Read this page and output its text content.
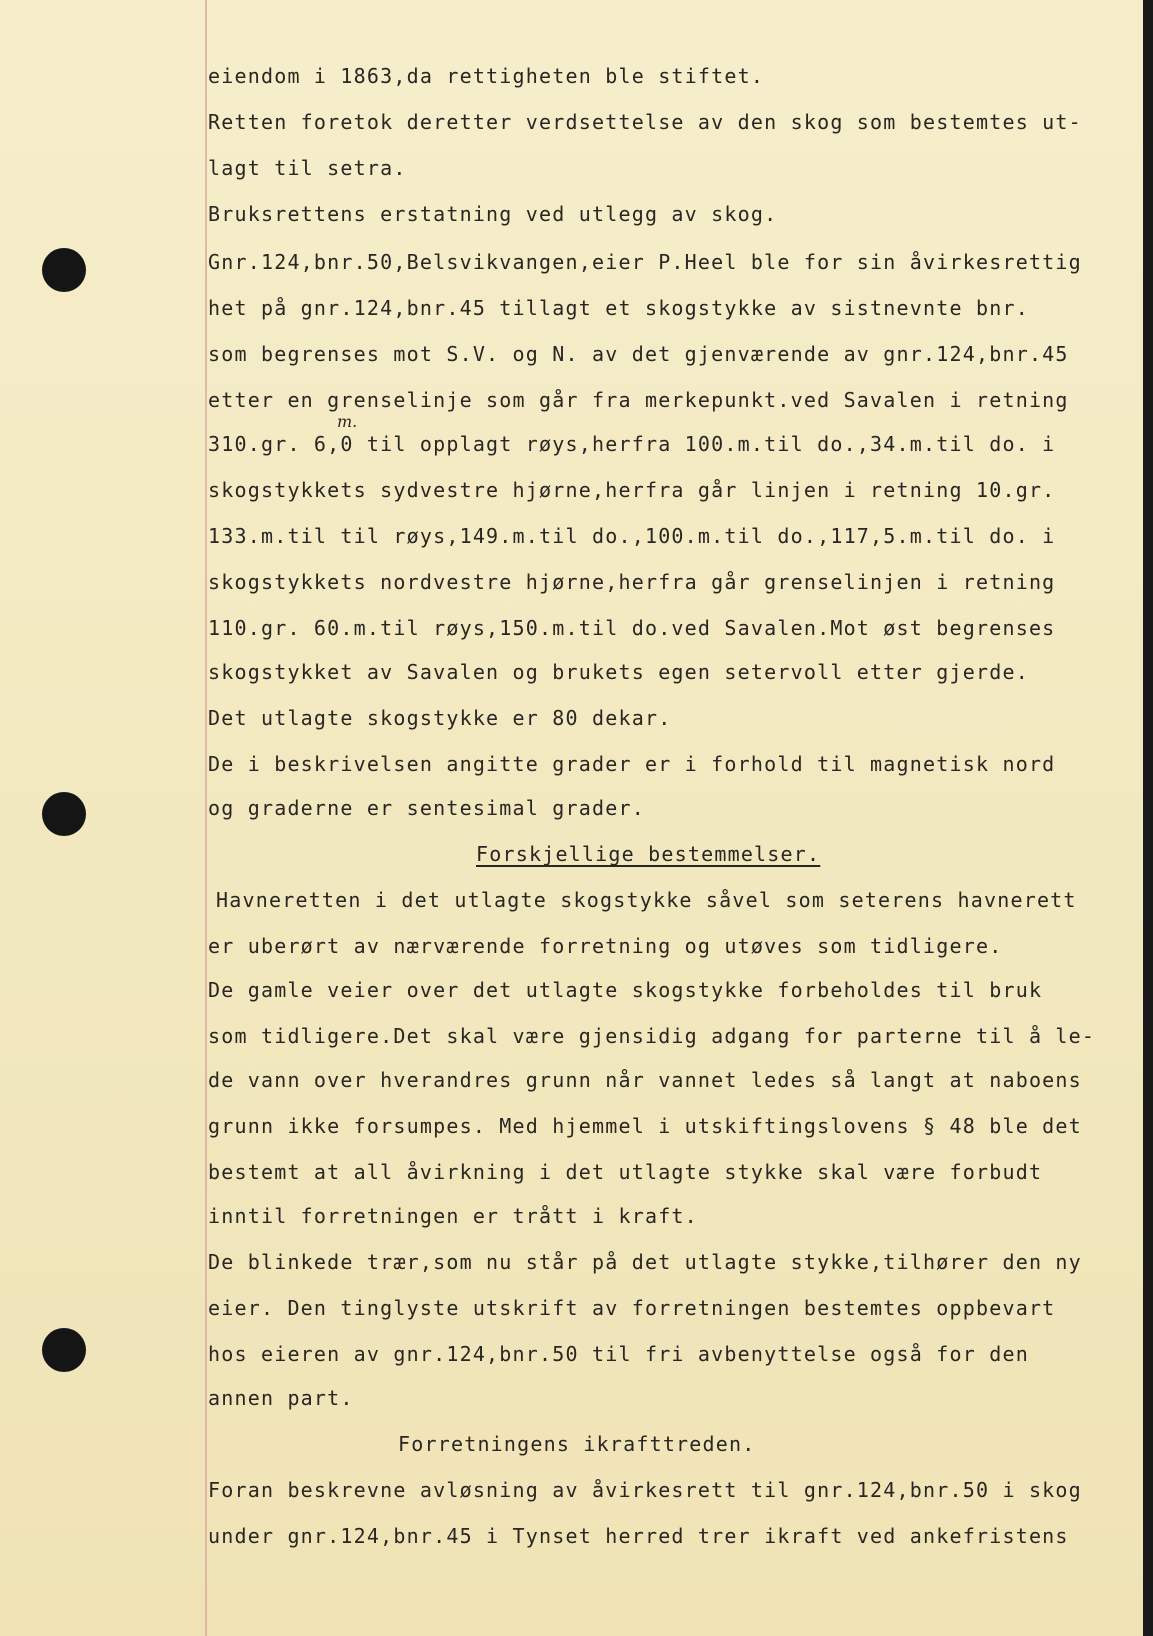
eiendom i 1863,da rettigheten ble stiftet.
Retten foretok deretter verdsettelse av den skog som bestemtes ut-
lagt til setra.
Bruksrettens erstatning ved utlegg av skog.
Gnr.124,bnr.50,Belsvikvangen,eier P.Heel ble for sin åvirkesrettig
het på gnr.124,bnr.45 tillagt et skogstykke av sistnevnte bnr.
som begrenses mot S.V. og N. av det gjenværende av gnr.124,bnr.45
etter en grenselinje som går fra merkepunkt.ved Savalen i retning
310.gr. 6,0 til opplagt røys,herfra 100.m.til do.,34.m.til do. i
m.
skogstykkets sydvestre hjørne,herfra går linjen i retning 10.gr.
133.m.til til røys,149.m.til do.,100.m.til do.,117,5.m.til do. i
skogstykkets nordvestre hjørne,herfra går grenselinjen i retning
110.gr. 60.m.til røys,150.m.til do.ved Savalen.Mot øst begrenses
skogstykket av Savalen og brukets egen setervoll etter gjerde.
Det utlagte skogstykke er 80 dekar.
De i beskrivelsen angitte grader er i forhold til magnetisk nord
og graderne er sentesimal grader.
Forskjellige bestemmelser.
Havneretten i det utlagte skogstykke såvel som seterens havnerett
er uberørt av nærværende forretning og utøves som tidligere.
De gamle veier over det utlagte skogstykke forbeholdes til bruk
som tidligere.Det skal være gjensidig adgang for parterne til å le-
de vann over hverandres grunn når vannet ledes så langt at naboens
grunn ikke forsumpes. Med hjemmel i utskiftingslovens § 48 ble det
bestemt at all åvirkning i det utlagte stykke skal være forbudt
inntil forretningen er trått i kraft.
De blinkede trær,som nu står på det utlagte stykke,tilhører den ny
eier. Den tinglyste utskrift av forretningen bestemtes oppbevart
hos eieren av gnr.124,bnr.50 til fri avbenyttelse også for den
annen part.
Forretningens ikrafttreden.
Foran beskrevne avløsning av åvirkesrett til gnr.124,bnr.50 i skog
under gnr.124,bnr.45 i Tynset herred trer ikraft ved ankefristens
